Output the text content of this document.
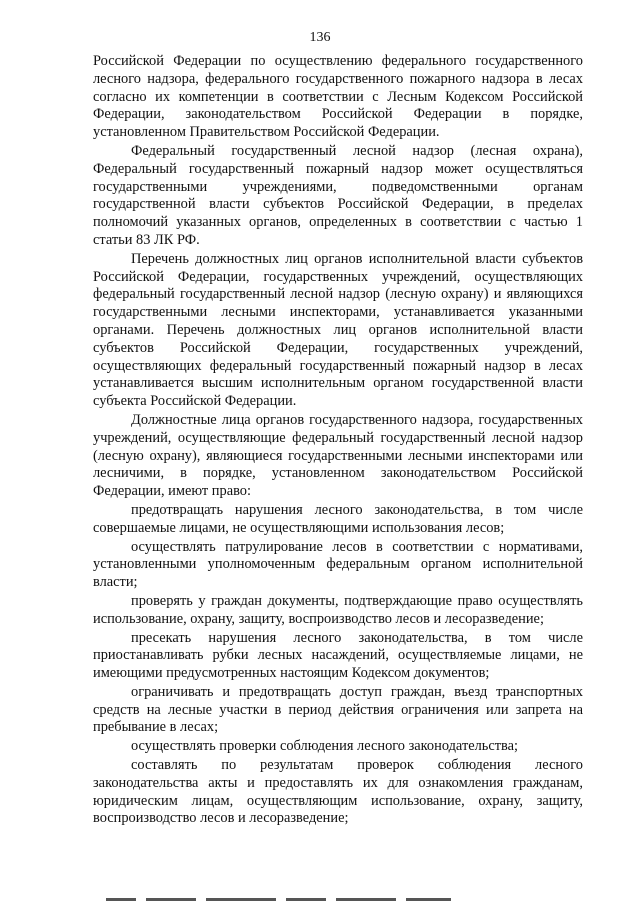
136

Российской Федерации по осуществлению федерального государственного лесного надзора, федерального государственного пожарного надзора в лесах согласно их компетенции в соответствии с Лесным Кодексом Российской Федерации, законодательством Российской Федерации в порядке, установленном Правительством Российской Федерации.

Федеральный государственный лесной надзор (лесная охрана), Федеральный государственный пожарный надзор может осуществляться государственными учреждениями, подведомственными органам государственной власти субъектов Российской Федерации, в пределах полномочий указанных органов, определенных в соответствии с частью 1 статьи 83 ЛК РФ.

Перечень должностных лиц органов исполнительной власти субъектов Российской Федерации, государственных учреждений, осуществляющих федеральный государственный лесной надзор (лесную охрану) и являющихся государственными лесными инспекторами, устанавливается указанными органами. Перечень должностных лиц органов исполнительной власти субъектов Российской Федерации, государственных учреждений, осуществляющих федеральный государственный пожарный надзор в лесах устанавливается высшим исполнительным органом государственной власти субъекта Российской Федерации.

Должностные лица органов государственного надзора, государственных учреждений, осуществляющие федеральный государственный лесной надзор (лесную охрану), являющиеся государственными лесными инспекторами или лесничими, в порядке, установленном законодательством Российской Федерации, имеют право:

предотвращать нарушения лесного законодательства, в том числе совершаемые лицами, не осуществляющими использования лесов;

осуществлять патрулирование лесов в соответствии с нормативами, установленными уполномоченным федеральным органом исполнительной власти;

проверять у граждан документы, подтверждающие право осуществлять использование, охрану, защиту, воспроизводство лесов и лесоразведение;

пресекать нарушения лесного законодательства, в том числе приостанавливать рубки лесных насаждений, осуществляемые лицами, не имеющими предусмотренных настоящим Кодексом документов;

ограничивать и предотвращать доступ граждан, въезд транспортных средств на лесные участки в период действия ограничения или запрета на пребывание в лесах;

осуществлять проверки соблюдения лесного законодательства;

составлять по результатам проверок соблюдения лесного законодательства акты и предоставлять их для ознакомления гражданам, юридическим лицам, осуществляющим использование, охрану, защиту, воспроизводство лесов и лесоразведение;
